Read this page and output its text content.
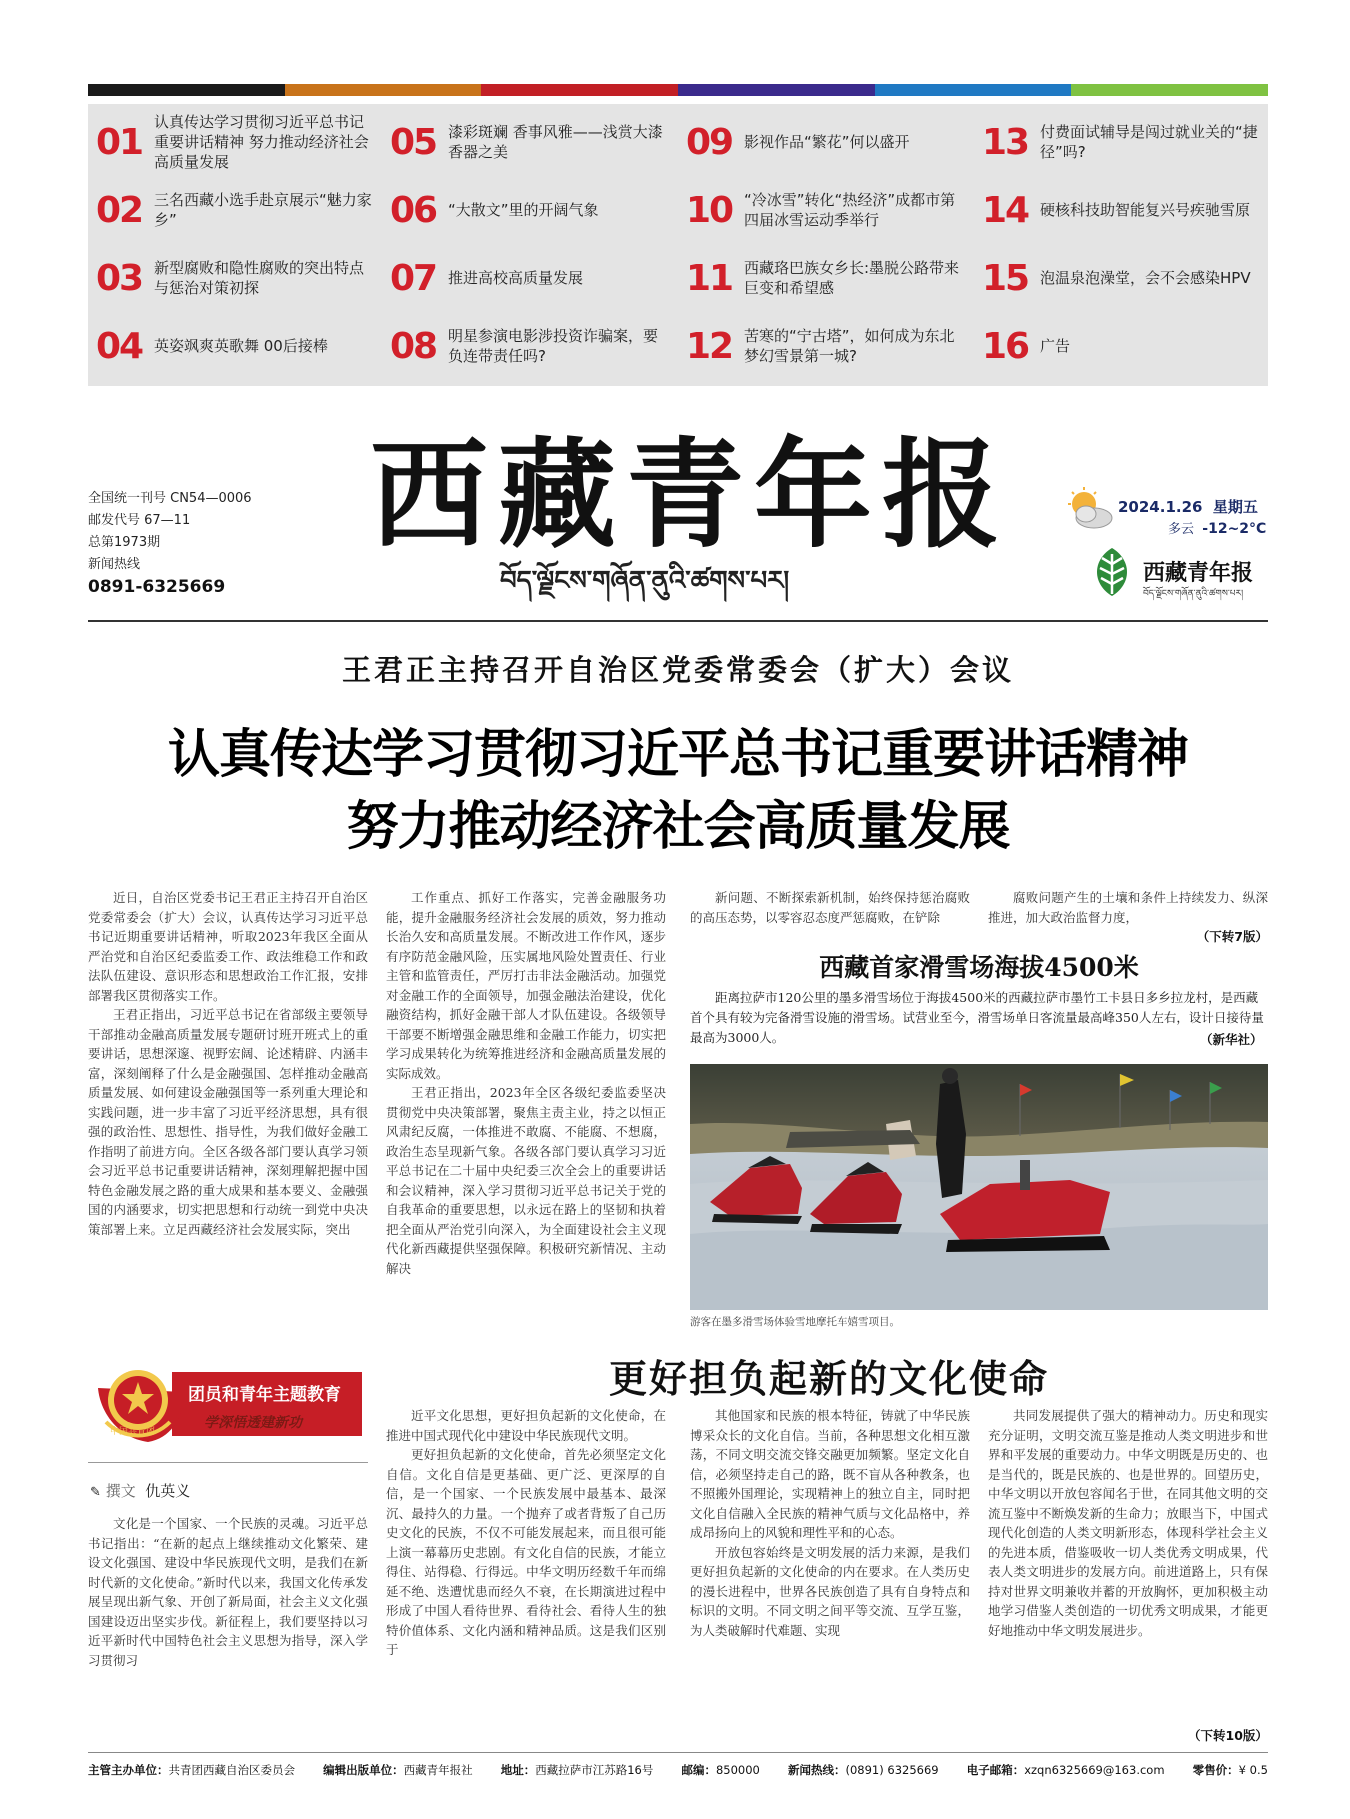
01 认真传达学习贯彻习近平总书记重要讲话精神 努力推动经济社会高质量发展
02 三名西藏小选手赴京展示“魅力家乡”
03 新型腐败和隐性腐败的突出特点与惩治对策初探
04 英姿飒爽英歌舞 00后接棒
05 漆彩斑斓 香事风雅——浅赏大漆香器之美
06 “大散文”里的开阔气象
07 推进高校高质量发展
08 明星参演电影涉投资诈骗案，要负连带责任吗?
09 影视作品“繁花”何以盛开
10 “冷冰雪”转化“热经济”成都市第四届冰雪运动季举行
11 西藏珞巴族女乡长:墨脱公路带来巨变和希望感
12 苦寒的“宁古塔”，如何成为东北梦幻雪景第一城?
13 付费面试辅导是闯过就业关的“捷径”吗?
14 硬核科技助智能复兴号疾驰雪原
15 泡温泉泡澡堂，会不会感染HPV
16 广告
西藏青年报
བོད་ལྗོངས་གཞོན་ནུའི་ཚགས་པར།
全国统一刊号 CN54—0006
邮发代号 67—11
总第1973期
新闻热线
0891-6325669
2024.1.26 星期五
多云 -12~2°C
西藏青年报
བོད་ལྗོངས་གཞོན་ནུའི་ཚགས་པར།
王君正主持召开自治区党委常委会（扩大）会议
认真传达学习贯彻习近平总书记重要讲话精神
努力推动经济社会高质量发展

近日，自治区党委书记王君正主持召开自治区党委常委会（扩大）会议，认真传达学习习近平总书记近期重要讲话精神，听取2023年我区全面从严治党和自治区纪委监委工作、政法维稳工作和政法队伍建设、意识形态和思想政治工作汇报，安排部署我区贯彻落实工作。

王君正指出，习近平总书记在省部级主要领导干部推动金融高质量发展专题研讨班开班式上的重要讲话，思想深邃、视野宏阔、论述精辟、内涵丰富，深刻阐释了什么是金融强国、怎样推动金融高质量发展、如何建设金融强国等一系列重大理论和实践问题，进一步丰富了习近平经济思想，具有很强的政治性、思想性、指导性，为我们做好金融工作指明了前进方向。全区各级各部门要认真学习领会习近平总书记重要讲话精神，深刻理解把握中国特色金融发展之路的重大成果和基本要义、金融强国的内涵要求，切实把思想和行动统一到党中央决策部署上来。立足西藏经济社会发展实际，突出

工作重点、抓好工作落实，完善金融服务功能，提升金融服务经济社会发展的质效，努力推动长治久安和高质量发展。不断改进工作作风，逐步有序防范金融风险，压实属地风险处置责任、行业主管和监管责任，严厉打击非法金融活动。加强党对金融工作的全面领导，加强金融法治建设，优化融资结构，抓好金融干部人才队伍建设。各级领导干部要不断增强金融思维和金融工作能力，切实把学习成果转化为统筹推进经济和金融高质量发展的实际成效。

王君正指出，2023年全区各级纪委监委坚决贯彻党中央决策部署，聚焦主责主业，持之以恒正风肃纪反腐，一体推进不敢腐、不能腐、不想腐，政治生态呈现新气象。各级各部门要认真学习习近平总书记在二十届中央纪委三次全会上的重要讲话和会议精神，深入学习贯彻习近平总书记关于党的自我革命的重要思想，以永远在路上的坚韧和执着把全面从严治党引向深入，为全面建设社会主义现代化新西藏提供坚强保障。积极研究新情况、主动解决

新问题、不断探索新机制，始终保持惩治腐败的高压态势，以零容忍态度严惩腐败，在铲除

腐败问题产生的土壤和条件上持续发力、纵深推进，加大政治监督力度，

（下转7版）
西藏首家滑雪场海拔4500米

距离拉萨市120公里的墨多滑雪场位于海拔4500米的西藏拉萨市墨竹工卡县日多乡拉龙村，是西藏首个具有较为完备滑雪设施的滑雪场。试营业至今，滑雪场单日客流量最高峰350人左右，设计日接待量最高为3000人。	（新华社）
游客在墨多滑雪场体验雪地摩托车嬉雪项目。
团员和青年主题教育
学深悟透建新功
中国共青团
✎ 撰文 仇英义
更好担负起新的文化使命

文化是一个国家、一个民族的灵魂。习近平总书记指出：“在新的起点上继续推动文化繁荣、建设文化强国、建设中华民族现代文明，是我们在新时代新的文化使命。”新时代以来，我国文化传承发展呈现出新气象、开创了新局面，社会主义文化强国建设迈出坚实步伐。新征程上，我们要坚持以习近平新时代中国特色社会主义思想为指导，深入学习贯彻习

近平文化思想，更好担负起新的文化使命，在推进中国式现代化中建设中华民族现代文明。

更好担负起新的文化使命，首先必须坚定文化自信。文化自信是更基础、更广泛、更深厚的自信，是一个国家、一个民族发展中最基本、最深沉、最持久的力量。一个抛弃了或者背叛了自己历史文化的民族，不仅不可能发展起来，而且很可能上演一幕幕历史悲剧。有文化自信的民族，才能立得住、站得稳、行得远。中华文明历经数千年而绵延不绝、迭遭忧患而经久不衰，在长期演进过程中形成了中国人看待世界、看待社会、看待人生的独特价值体系、文化内涵和精神品质。这是我们区别于

其他国家和民族的根本特征，铸就了中华民族博采众长的文化自信。当前，各种思想文化相互激荡，不同文明交流交锋交融更加频繁。坚定文化自信，必须坚持走自己的路，既不盲从各种教条，也不照搬外国理论，实现精神上的独立自主，同时把文化自信融入全民族的精神气质与文化品格中，养成昂扬向上的风貌和理性平和的心态。

开放包容始终是文明发展的活力来源，是我们更好担负起新的文化使命的内在要求。在人类历史的漫长进程中，世界各民族创造了具有自身特点和标识的文明。不同文明之间平等交流、互学互鉴，为人类破解时代难题、实现

共同发展提供了强大的精神动力。历史和现实充分证明，文明交流互鉴是推动人类文明进步和世界和平发展的重要动力。中华文明既是历史的、也是当代的，既是民族的、也是世界的。回望历史，中华文明以开放包容闻名于世，在同其他文明的交流互鉴中不断焕发新的生命力；放眼当下，中国式现代化创造的人类文明新形态，体现科学社会主义的先进本质，借鉴吸收一切人类优秀文明成果，代表人类文明进步的发展方向。前进道路上，只有保持对世界文明兼收并蓄的开放胸怀，更加积极主动地学习借鉴人类创造的一切优秀文明成果，才能更好地推动中华文明发展进步。

（下转10版）
主管主办单位：共青团西藏自治区委员会 编辑出版单位：西藏青年报社 地址：西藏拉萨市江苏路16号 邮编：850000 新闻热线：(0891) 6325669 电子邮箱：xzqn6325669@163.com 零售价：¥ 0.5
